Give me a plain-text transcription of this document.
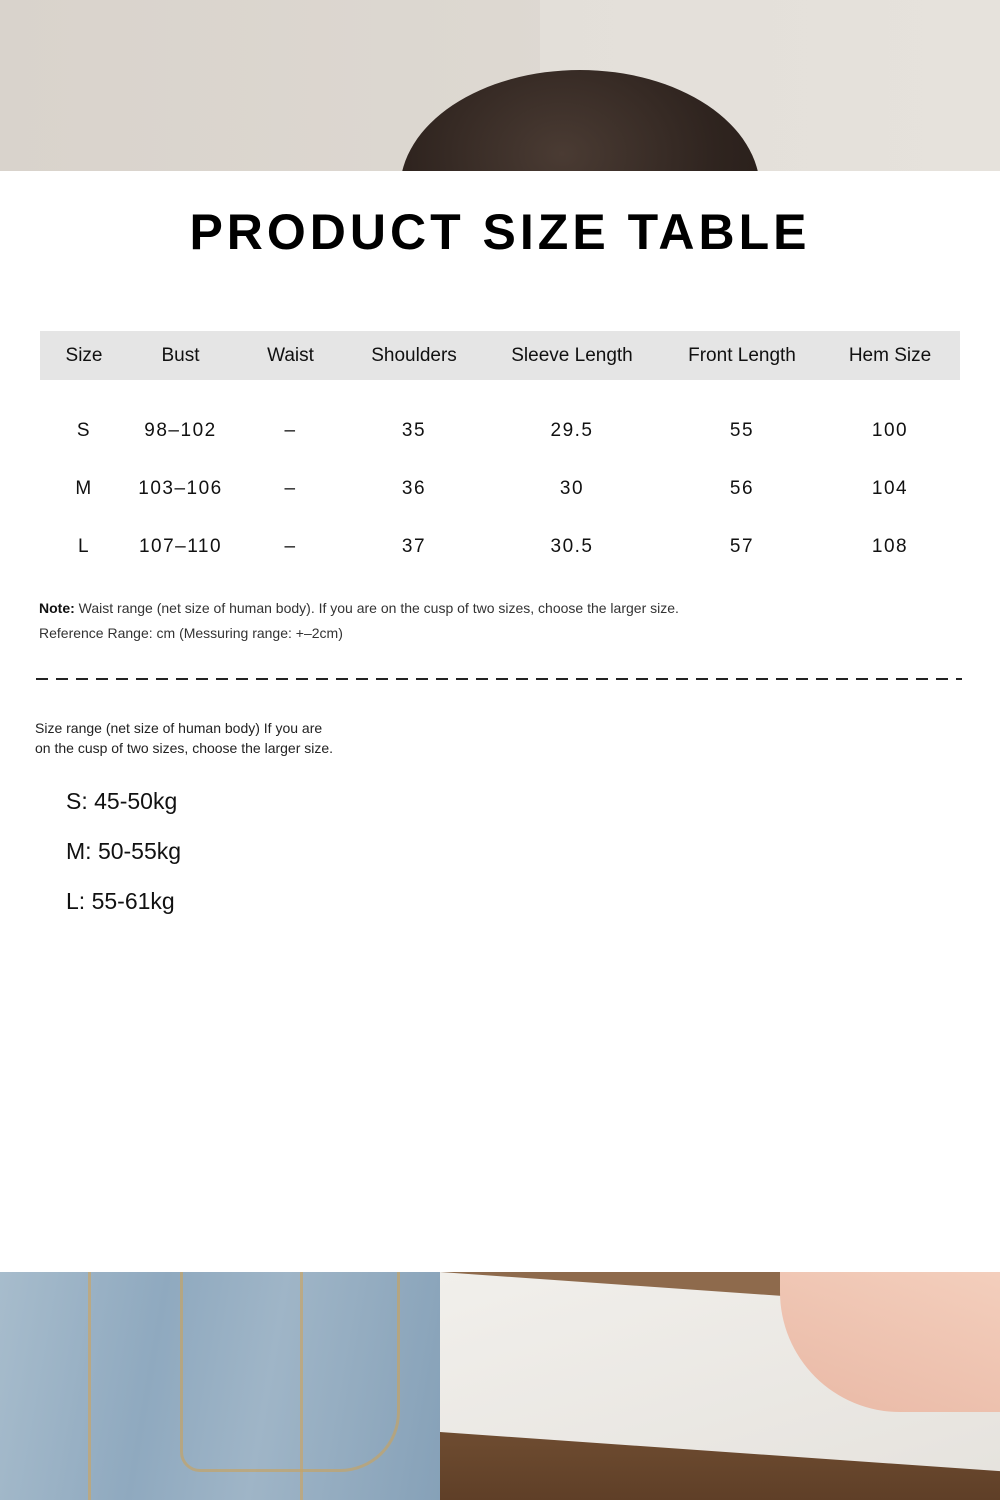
PRODUCT SIZE TABLE
Size	Bust	Waist	Shoulders	Sleeve Length	Front Length	Hem Size

S	98–102	–	35	29.5	55	100
M	103–106	–	36	30	56	104
L	107–110	–	37	30.5	57	108
Note: Waist range (net size of human body). If you are on the cusp of two sizes, choose the larger size.
Reference Range: cm (Messuring range: +–2cm)
Size range (net size of human body) If you are
on the cusp of two sizes, choose the larger size.
S: 45-50kg
M: 50-55kg
L: 55-61kg
